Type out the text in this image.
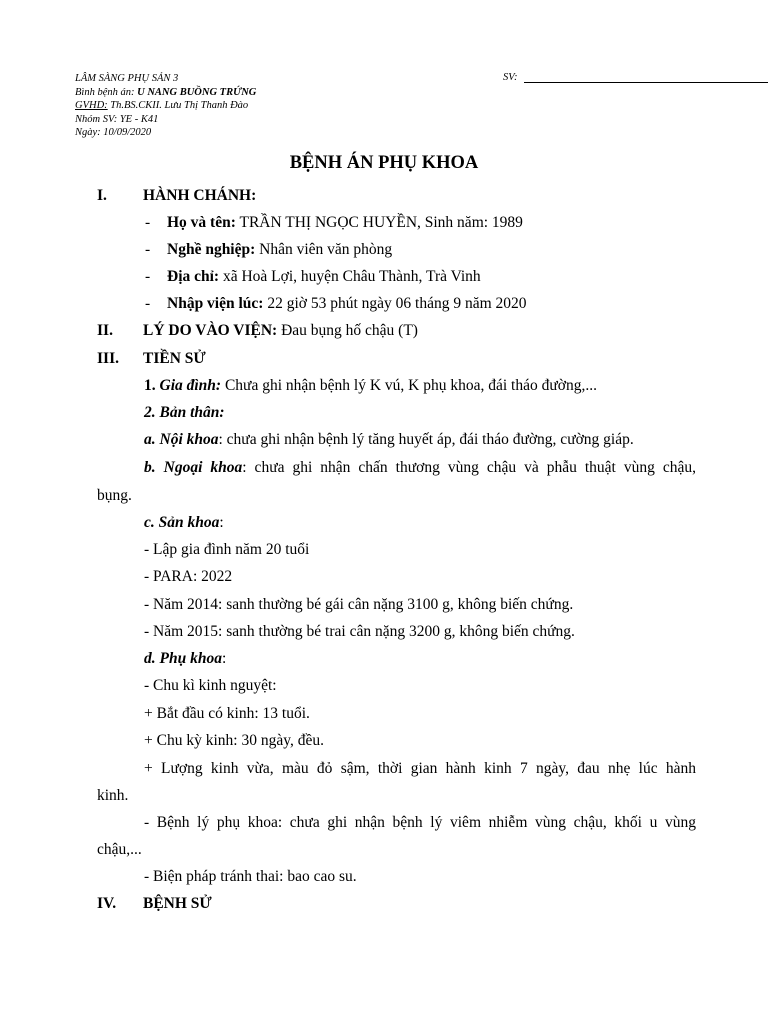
LÂM SÀNG PHỤ SẢN 3
Bình bệnh án: U NANG BUỒNG TRỨNG
GVHD: Th.BS.CKII. Lưu Thị Thanh Đào
Nhóm SV: YE - K41
Ngày: 10/09/2020
SV:
BỆNH ÁN PHỤ KHOA
I. HÀNH CHÁNH:
- Họ và tên: TRẦN THỊ NGỌC HUYỀN, Sinh năm: 1989
- Nghề nghiệp: Nhân viên văn phòng
- Địa chỉ: xã Hoà Lợi, huyện Châu Thành, Trà Vinh
- Nhập viện lúc: 22 giờ 53 phút ngày 06 tháng 9 năm 2020
II. LÝ DO VÀO VIỆN: Đau bụng hố chậu (T)
III. TIỀN SỬ
1. Gia đình: Chưa ghi nhận bệnh lý K vú, K phụ khoa, đái tháo đường,...
2. Bản thân:
a. Nội khoa: chưa ghi nhận bệnh lý tăng huyết áp, đái tháo đường, cường giáp.
b. Ngoại khoa: chưa ghi nhận chấn thương vùng chậu và phẫu thuật vùng chậu,
bụng.
c. Sản khoa:
- Lập gia đình năm 20 tuổi
- PARA: 2022
- Năm 2014: sanh thường bé gái cân nặng 3100 g, không biến chứng.
- Năm 2015: sanh thường bé trai cân nặng 3200 g, không biến chứng.
d. Phụ khoa:
- Chu kì kinh nguyệt:
+ Bắt đầu có kinh: 13 tuổi.
+ Chu kỳ kinh: 30 ngày, đều.
+ Lượng kinh vừa, màu đỏ sậm, thời gian hành kinh 7 ngày, đau nhẹ lúc hành
kinh.
- Bệnh lý phụ khoa: chưa ghi nhận bệnh lý viêm nhiễm vùng chậu, khối u vùng
chậu,...
- Biện pháp tránh thai: bao cao su.
IV. BỆNH SỬ
